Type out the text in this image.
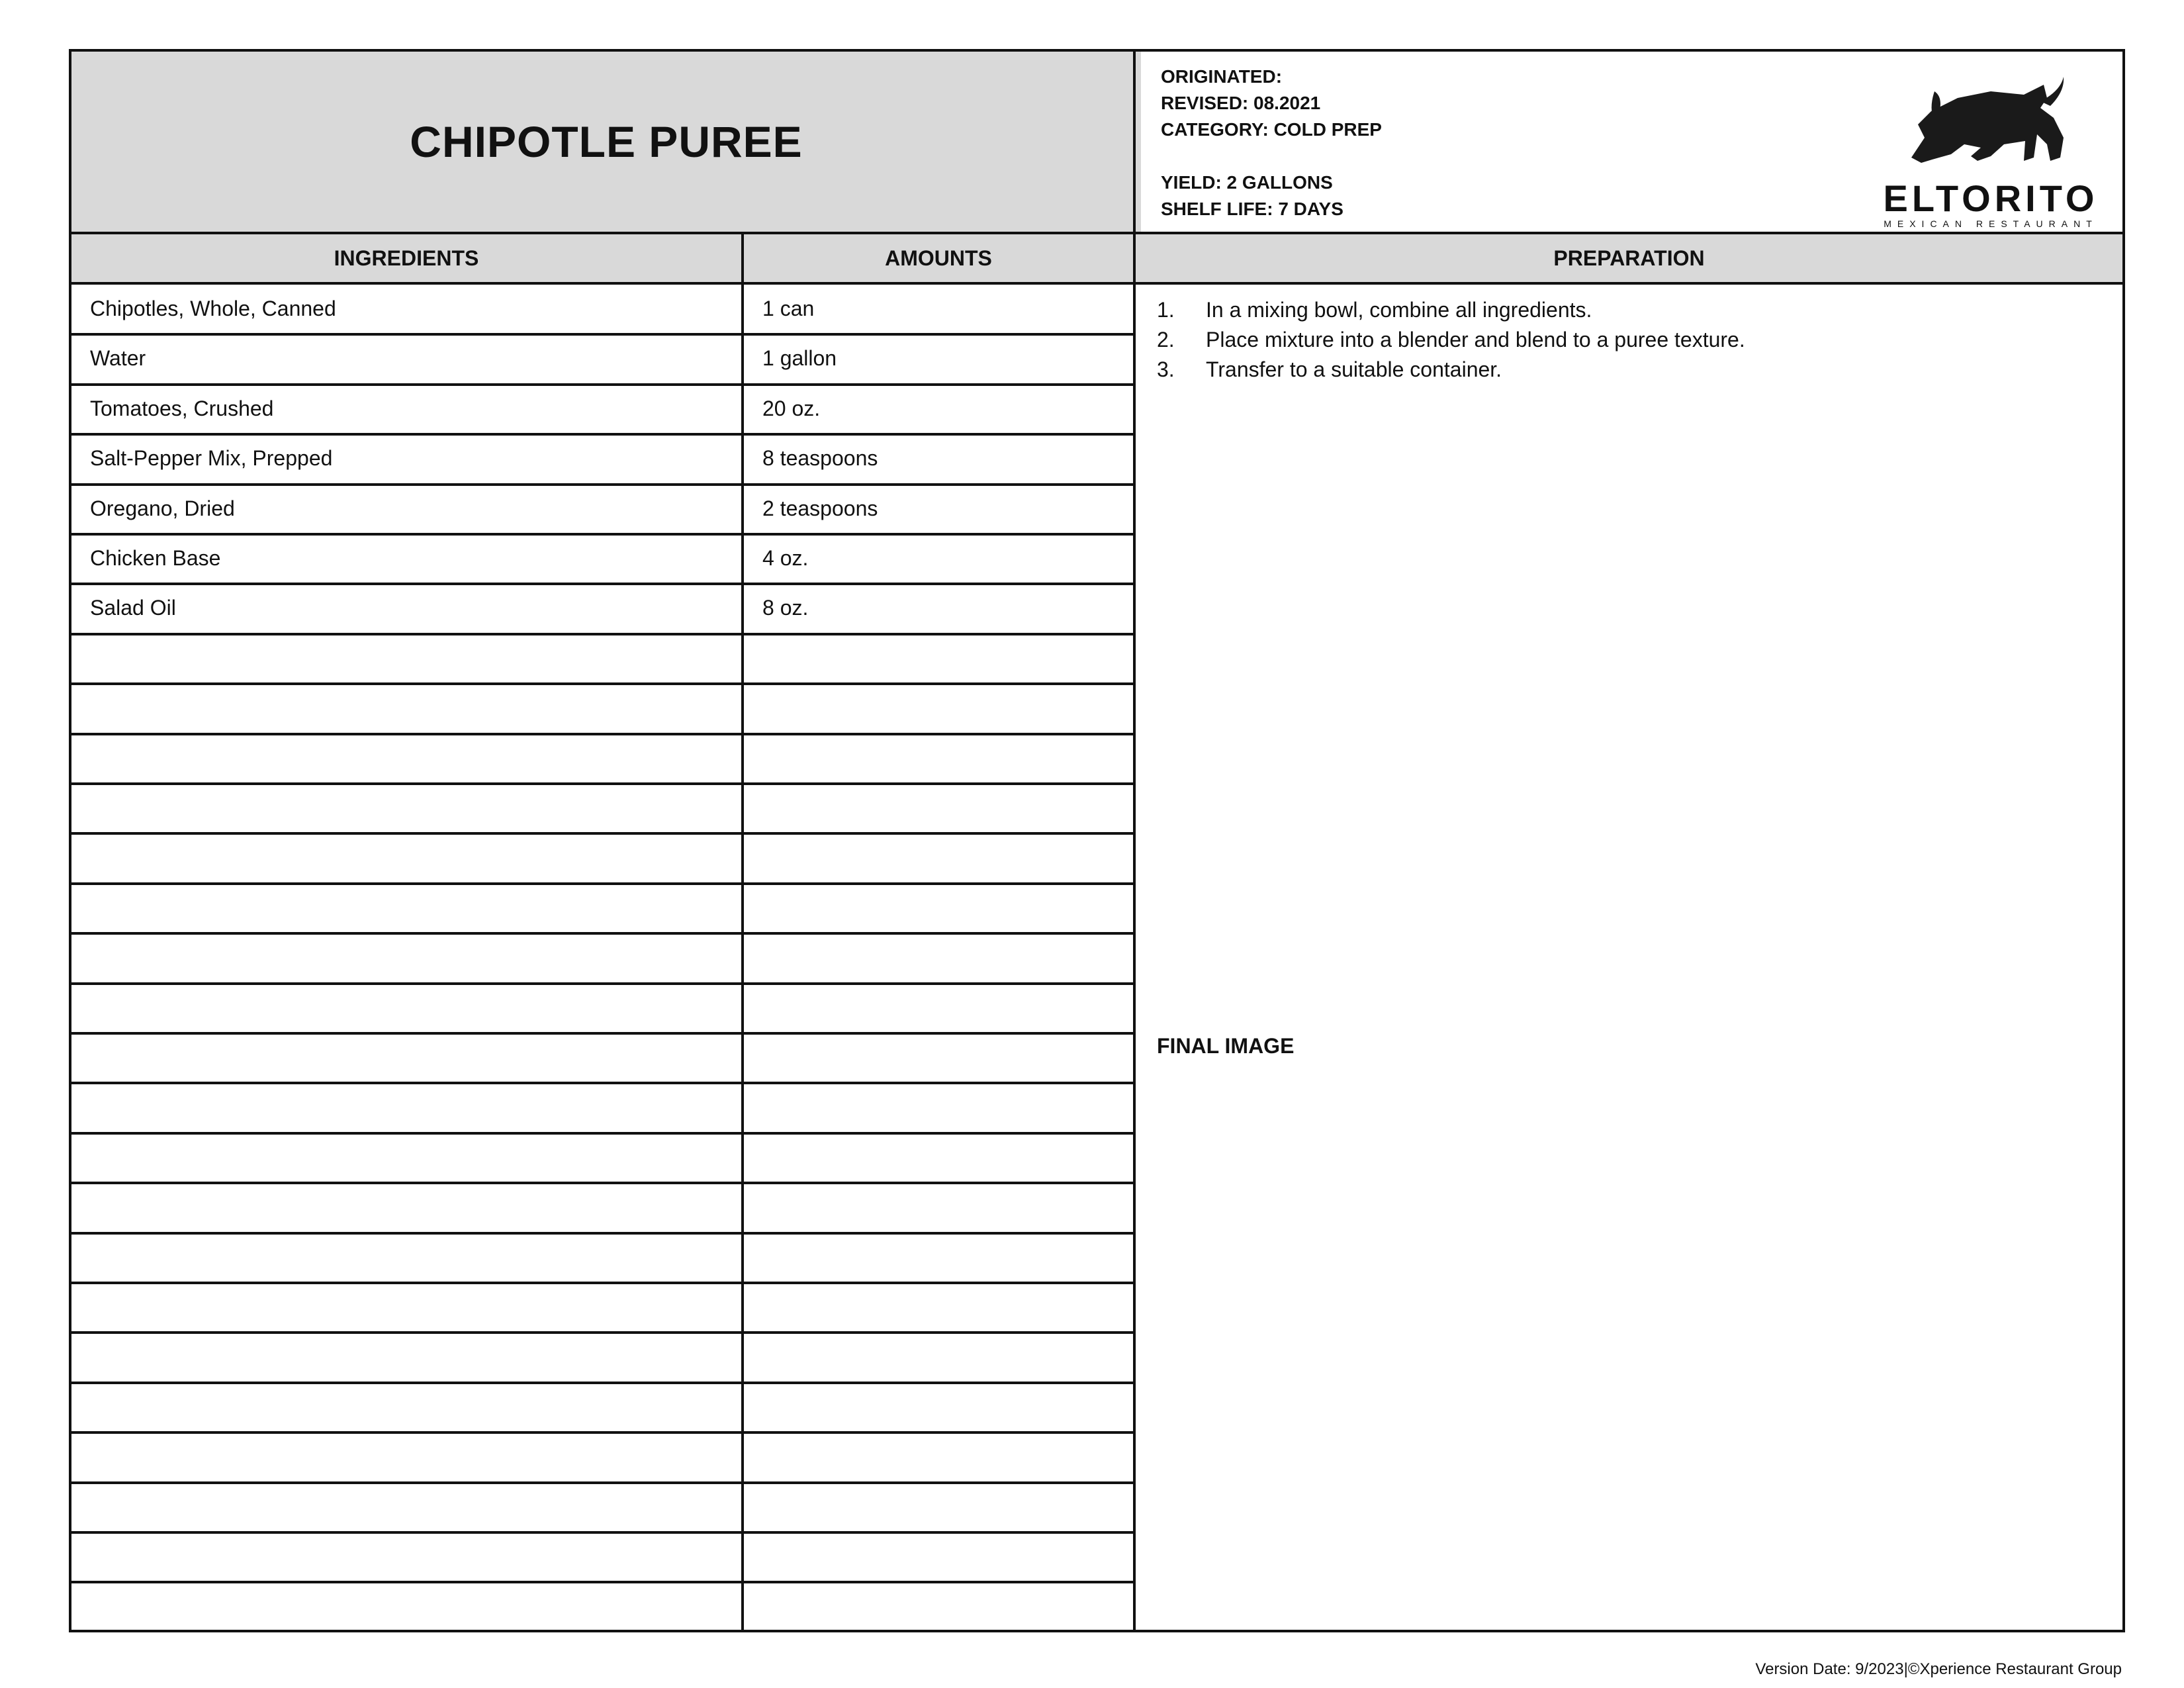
CHIPOTLE PUREE
ORIGINATED:
REVISED: 08.2021
CATEGORY: COLD PREP
YIELD: 2 GALLONS
SHELF LIFE: 7 DAYS	ELTORITO
MEXICAN RESTAURANT
INGREDIENTS	AMOUNTS	PREPARATION
Chipotles, Whole, Canned	1 can
Water	1 gallon
Tomatoes, Crushed	20 oz.
Salt-Pepper Mix, Prepped	8 teaspoons
Oregano, Dried	2 teaspoons
Chicken Base	4 oz.
Salad Oil	8 oz.
1.	In a mixing bowl, combine all ingredients.
2.	Place mixture into a blender and blend to a puree texture.
3.	Transfer to a suitable container.
FINAL IMAGE
Version Date: 9/2023|©Xperience Restaurant Group
